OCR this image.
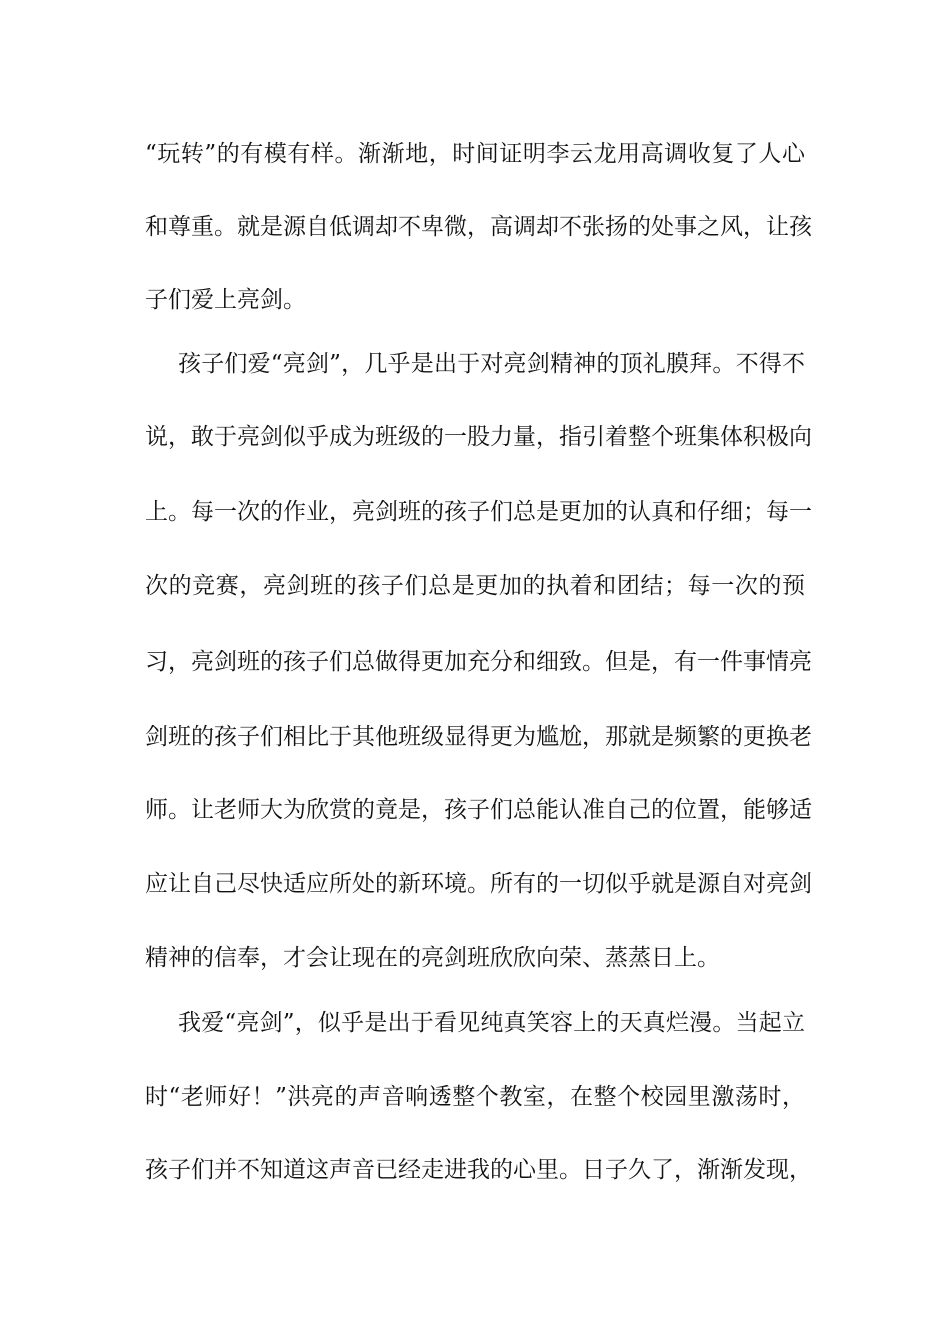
“玩转”的有模有样。渐渐地，时间证明李云龙用高调收复了人心
和尊重。就是源自低调却不卑微，高调却不张扬的处事之风，让孩
子们爱上亮剑。
孩子们爱“亮剑”，几乎是出于对亮剑精神的顶礼膜拜。不得不
说，敢于亮剑似乎成为班级的一股力量，指引着整个班集体积极向
上。每一次的作业，亮剑班的孩子们总是更加的认真和仔细；每一
次的竞赛，亮剑班的孩子们总是更加的执着和团结；每一次的预
习，亮剑班的孩子们总做得更加充分和细致。但是，有一件事情亮
剑班的孩子们相比于其他班级显得更为尴尬，那就是频繁的更换老
师。让老师大为欣赏的竟是，孩子们总能认准自己的位置，能够适
应让自己尽快适应所处的新环境。所有的一切似乎就是源自对亮剑
精神的信奉，才会让现在的亮剑班欣欣向荣、蒸蒸日上。
我爱“亮剑”，似乎是出于看见纯真笑容上的天真烂漫。当起立
时“老师好！”洪亮的声音响透整个教室，在整个校园里激荡时，
孩子们并不知道这声音已经走进我的心里。日子久了，渐渐发现，
